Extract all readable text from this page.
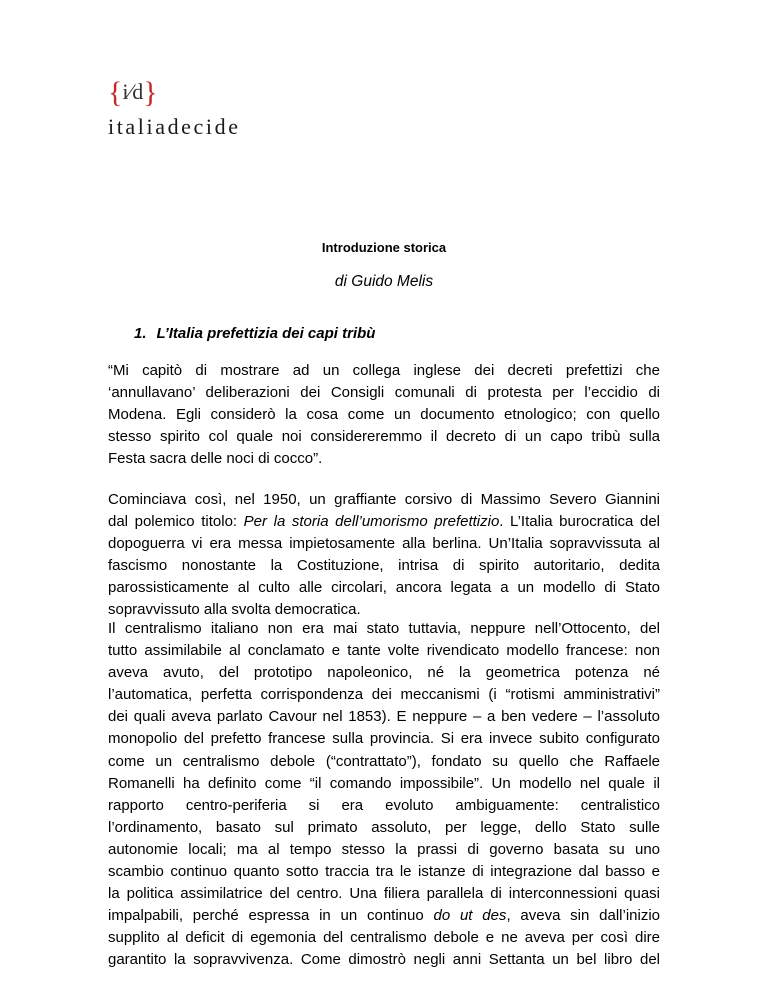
{i⁄d}
italiadecide
Introduzione storica
di Guido Melis
1. L’Italia prefettizia dei capi tribù
“Mi capitò di mostrare ad un collega inglese dei decreti prefettizi che
‘annullavano’ deliberazioni dei Consigli comunali di protesta per l’eccidio di
Modena. Egli considerò la cosa come un documento etnologico; con quello
stesso spirito col quale noi considereremmo il decreto di un capo tribù sulla
Festa sacra delle noci di cocco”.
Cominciava così, nel 1950, un graffiante corsivo di Massimo Severo Giannini
dal polemico titolo: Per la storia dell’umorismo prefettizio. L’Italia burocratica del
dopoguerra vi era messa impietosamente alla berlina. Un’Italia sopravvissuta al
fascismo nonostante la Costituzione, intrisa di spirito autoritario, dedita
parossisticamente al culto alle circolari, ancora legata a un modello di Stato
sopravvissuto alla svolta democratica.
Il centralismo italiano non era mai stato tuttavia, neppure nell’Ottocento, del
tutto assimilabile al conclamato e tante volte rivendicato modello francese: non
aveva avuto, del prototipo napoleonico, né la geometrica potenza né
l’automatica, perfetta corrispondenza dei meccanismi (i “rotismi amministrativi”
dei quali aveva parlato Cavour nel 1853). E neppure – a ben vedere – l’assoluto
monopolio del prefetto francese sulla provincia. Si era invece subito configurato
come un centralismo debole (“contrattato”), fondato su quello che Raffaele
Romanelli ha definito come “il comando impossibile”. Un modello nel quale il
rapporto centro-periferia si era evoluto ambiguamente: centralistico
l’ordinamento, basato sul primato assoluto, per legge, dello Stato sulle
autonomie locali; ma al tempo stesso la prassi di governo basata su uno
scambio continuo quanto sotto traccia tra le istanze di integrazione dal basso e
la politica assimilatrice del centro. Una filiera parallela di interconnessioni quasi
impalpabili, perché espressa in un continuo do ut des, aveva sin dall’inizio
supplito al deficit di egemonia del centralismo debole e ne aveva per così dire
garantito la sopravvivenza. Come dimostrò negli anni Settanta un bel libro del
